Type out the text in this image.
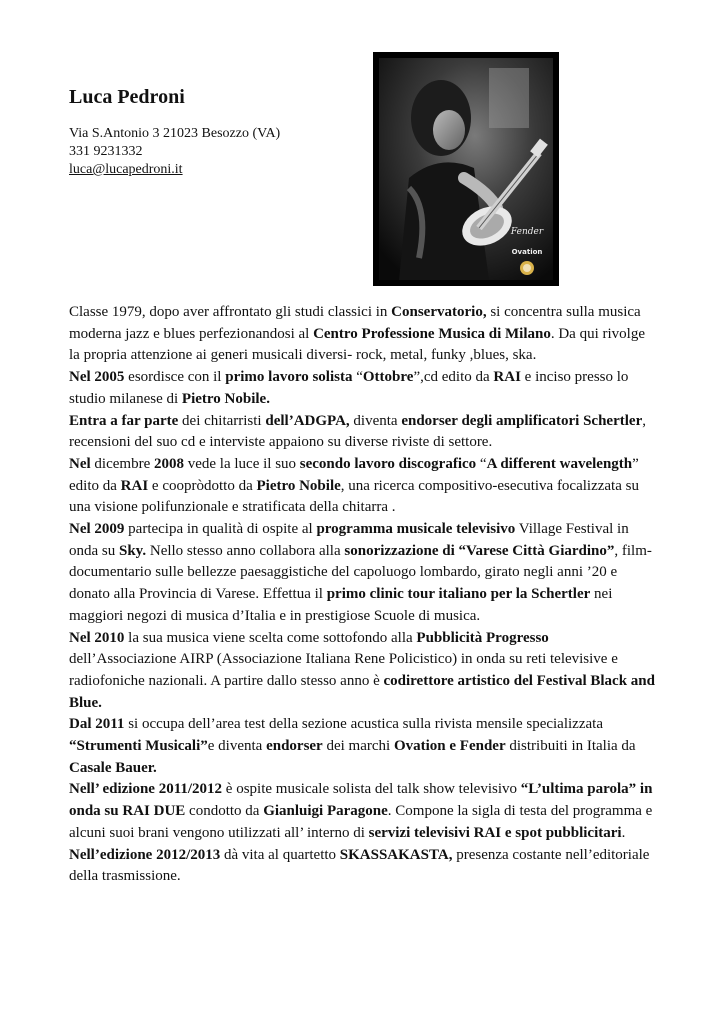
Luca Pedroni
Via S.Antonio 3 21023 Besozzo (VA)
331 9231332
luca@lucapedroni.it
Fender
Ovation

Classe 1979, dopo aver affrontato gli studi classici in Conservatorio, si concentra sulla musica moderna jazz e blues perfezionandosi al Centro Professione Musica di Milano. Da qui rivolge la propria attenzione ai generi musicali diversi- rock, metal, funky ,blues, ska.

Nel 2005 esordisce con il primo lavoro solista “Ottobre”,cd edito da RAI e inciso presso lo studio milanese di Pietro Nobile.

Entra a far parte dei chitarristi dell’ADGPA, diventa endorser degli amplificatori Schertler, recensioni del suo cd e interviste appaiono su diverse riviste di settore.

Nel dicembre 2008 vede la luce il suo secondo lavoro discografico “A different wavelength” edito da RAI e coopròdotto da Pietro Nobile, una ricerca compositivo-esecutiva focalizzata su una visione polifunzionale e stratificata della chitarra .

Nel 2009 partecipa in qualità di ospite al programma musicale televisivo Village Festival in onda su Sky. Nello stesso anno collabora alla sonorizzazione di “Varese Città Giardino”, film-documentario sulle bellezze paesaggistiche del capoluogo lombardo, girato negli anni ’20 e donato alla Provincia di Varese. Effettua il primo clinic tour italiano per la Schertler nei maggiori negozi di musica d’Italia e in prestigiose Scuole di musica.

Nel 2010 la sua musica viene scelta come sottofondo alla Pubblicità Progresso dell’Associazione AIRP (Associazione Italiana Rene Policistico) in onda su reti televisive e radiofoniche nazionali. A partire dallo stesso anno è codirettore artistico del Festival Black and Blue.

Dal 2011 si occupa dell’area test della sezione acustica sulla rivista mensile specializzata “Strumenti Musicali”e diventa endorser dei marchi Ovation e Fender distribuiti in Italia da Casale Bauer.

Nell’ edizione 2011/2012 è ospite musicale solista del talk show televisivo “L’ultima parola” in onda su RAI DUE condotto da Gianluigi Paragone. Compone la sigla di testa del programma e alcuni suoi brani vengono utilizzati all’ interno di servizi televisivi RAI e spot pubblicitari. Nell’edizione 2012/2013 dà vita al quartetto SKASSAKASTA, presenza costante nell’editoriale della trasmissione.
